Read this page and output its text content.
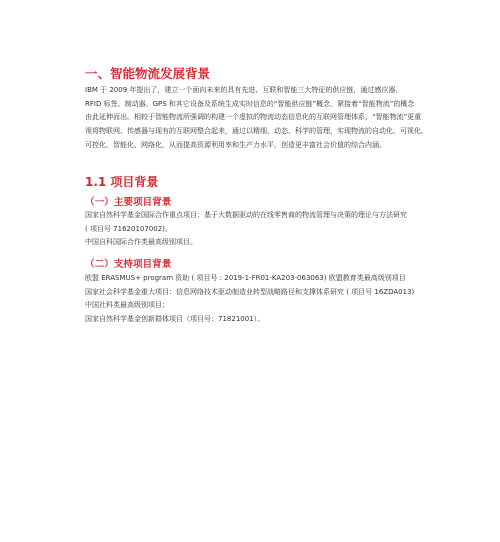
一、智能物流发展背景
IBM 于 2009 年提出了，建立一个面向未来的具有先进、互联和智能三大特征的供应链，通过感应器、
RFID 标签、制动器、GPS 和其它设备及系统生成实时信息的“智能供应链”概念，紧接着“智能物流”的概念
由此延伸而出。相较于智能物流所强调的构建一个虚拟的物流动态信息化的互联网管理体系，“智能物流”更重
视将物联网、传感器与现有的互联网整合起来，通过以精细、动态、科学的管理，实现物流的自动化、可视化、
可控化、智能化、网络化，从而提高资源利用率和生产力水平，创造更丰富社会价值的综合内涵。
1.1 项目背景
（一）主要项目背景
国家自然科学基金国际合作重点项目：基于大数据驱动的在线零售商的物流管理与决策的理论与方法研究
( 项目号 71620107002)。
中国自科国际合作类最高级别项目。
（二）支持项目背景
欧盟 ERASMUS+ program 资助 ( 项目号 : 2019-1-FR01-KA203-063063) 欧盟教育类最高级别项目
国家社会科学基金重大项目：信息网络技术驱动制造业转型战略路径和支撑体系研究 ( 项目号 16ZDA013)
中国社科类最高级别项目；
国家自然科学基金创新群体项目（项目号：71821001）。
